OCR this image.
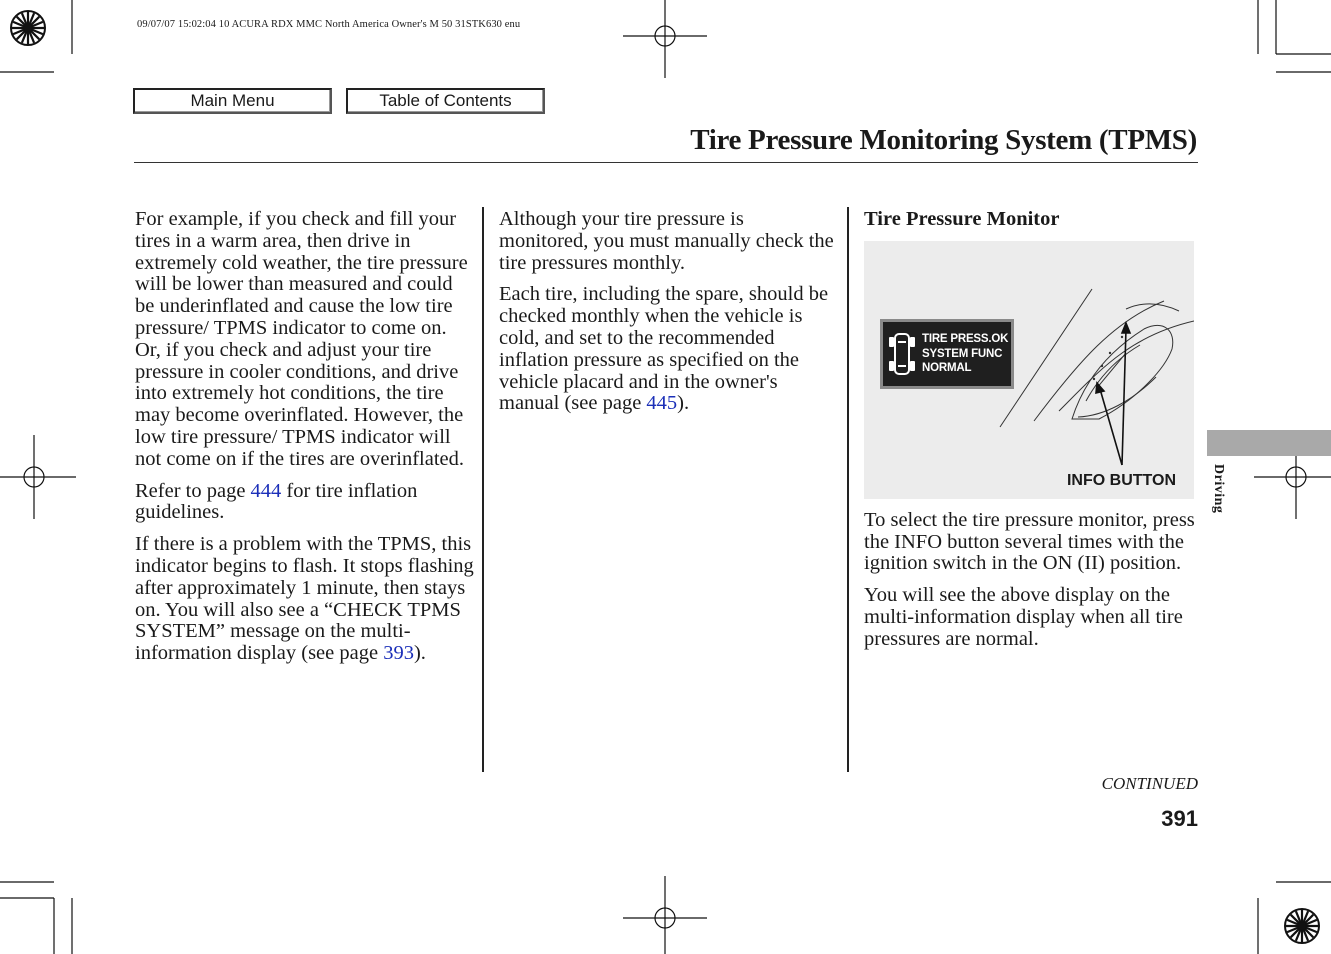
09/07/07 15:02:04 10 ACURA RDX MMC North America Owner's M 50 31STK630 enu
Main Menu	Table of Contents
Tire Pressure Monitoring System (TPMS)

For example, if you check and fill your tires in a warm area, then drive in extremely cold weather, the tire pressure will be lower than measured and could be underinflated and cause the low tire pressure/ TPMS indicator to come on. Or, if you check and adjust your tire pressure in cooler conditions, and drive into extremely hot conditions, the tire may become overinflated. However, the low tire pressure/ TPMS indicator will not come on if the tires are overinflated.

Refer to page 444 for tire inflation guidelines.

If there is a problem with the TPMS, this indicator begins to flash. It stops flashing after approximately 1 minute, then stays on. You will also see a “CHECK TPMS SYSTEM” message on the multi-information display (see page 393).

Although your tire pressure is monitored, you must manually check the tire pressures monthly.

Each tire, including the spare, should be checked monthly when the vehicle is cold, and set to the recommended inflation pressure as specified on the vehicle placard and in the owner's manual (see page 445).

Tire Pressure Monitor

TIRE PRESS.OK
SYSTEM FUNC
NORMAL
INFO BUTTON

To select the tire pressure monitor, press the INFO button several times with the ignition switch in the ON (II) position.

You will see the above display on the multi-information display when all tire pressures are normal.

Driving
CONTINUED
391
